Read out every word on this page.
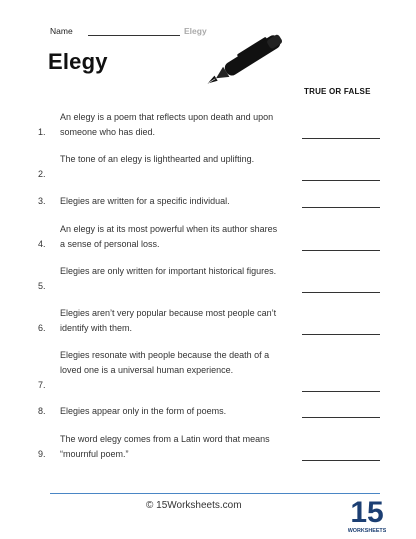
Name	Elegy
Elegy
TRUE OR FALSE
1.
An elegy is a poem that reflects upon death and upon someone who has died.
2.
The tone of an elegy is lighthearted and uplifting.
3.	Elegies are written for a specific individual.
4.
An elegy is at its most powerful when its author shares a sense of personal loss.
5.
Elegies are only written for important historical figures.
6.
Elegies aren’t very popular because most people can’t identify with them.
7.
Elegies resonate with people because the death of a loved one is a universal human experience.
8.	Elegies appear only in the form of poems.
9.
The word elegy comes from a Latin word that means “mournful poem.”
© 15Worksheets.com	15
WORKSHEETS
